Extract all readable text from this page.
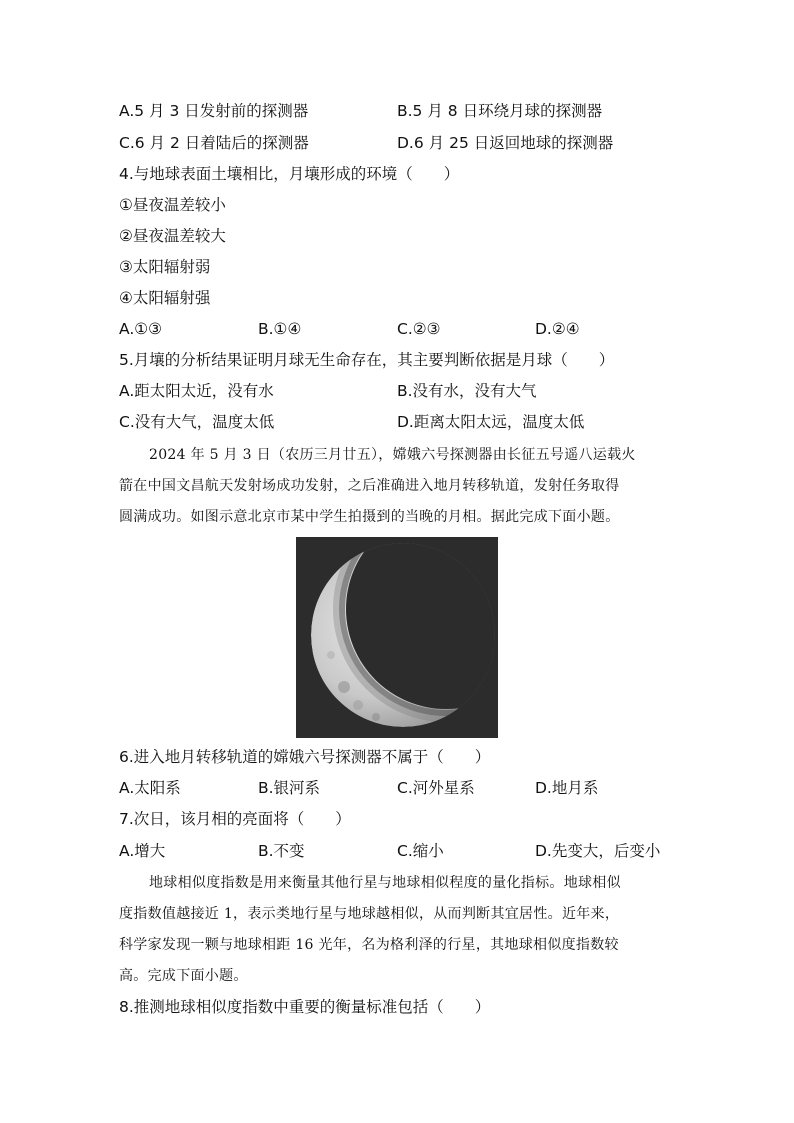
A.5 月 3 日发射前的探测器	B.5 月 8 日环绕月球的探测器
C.6 月 2 日着陆后的探测器	D.6 月 25 日返回地球的探测器
4.与地球表面土壤相比，月壤形成的环境（　　）
①昼夜温差较小
②昼夜温差较大
③太阳辐射弱
④太阳辐射强
A.①③	B.①④	C.②③	D.②④
5.月壤的分析结果证明月球无生命存在，其主要判断依据是月球（　　）
A.距太阳太近，没有水	B.没有水，没有大气
C.没有大气，温度太低	D.距离太阳太远，温度太低
2024 年 5 月 3 日（农历三月廿五），嫦娥六号探测器由长征五号遥八运载火
箭在中国文昌航天发射场成功发射，之后准确进入地月转移轨道，发射任务取得
圆满成功。如图示意北京市某中学生拍摄到的当晚的月相。据此完成下面小题。
6.进入地月转移轨道的嫦娥六号探测器不属于（　　）
A.太阳系	B.银河系	C.河外星系	D.地月系
7.次日，该月相的亮面将（　　）
A.增大	B.不变	C.缩小	D.先变大，后变小
地球相似度指数是用来衡量其他行星与地球相似程度的量化指标。地球相似
度指数值越接近 1，表示类地行星与地球越相似，从而判断其宜居性。近年来，
科学家发现一颗与地球相距 16 光年，名为格利泽的行星，其地球相似度指数较
高。完成下面小题。
8.推测地球相似度指数中重要的衡量标准包括（　　）
